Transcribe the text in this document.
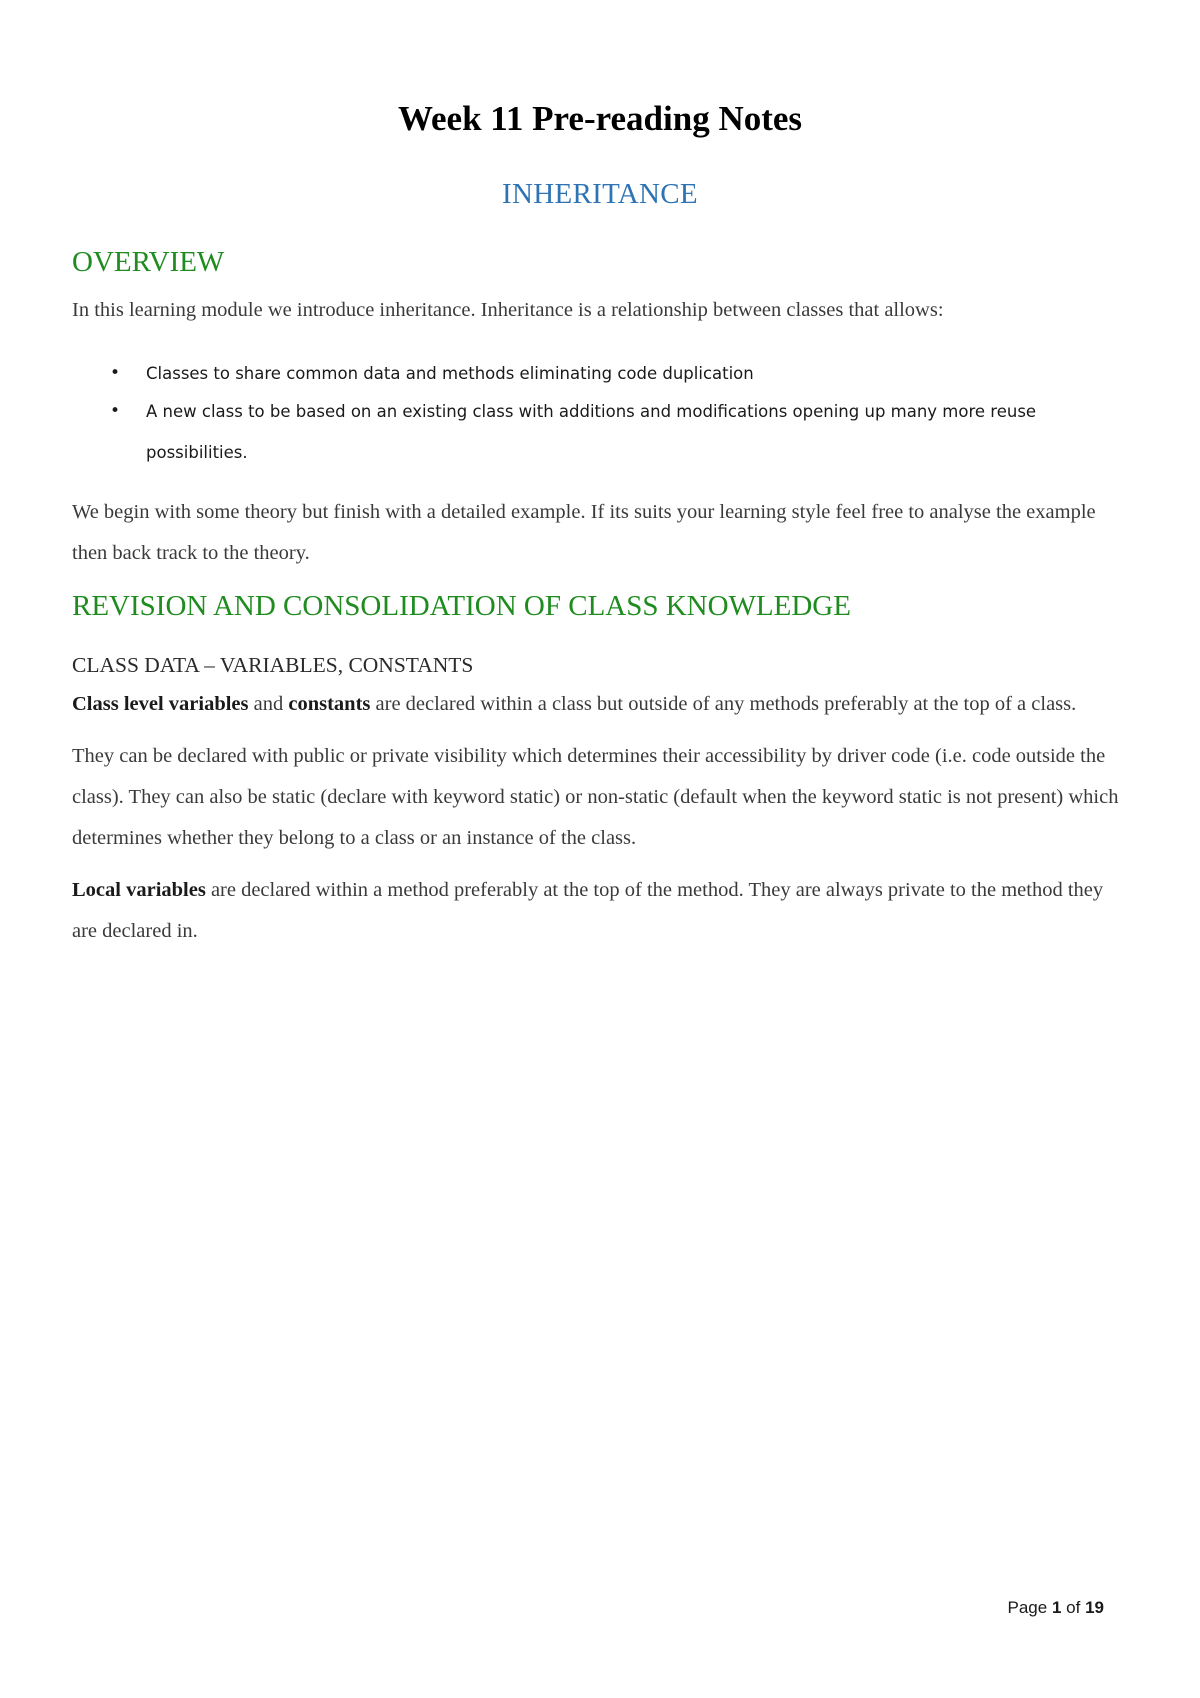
Week 11 Pre-reading Notes
INHERITANCE
OVERVIEW

In this learning module we introduce inheritance. Inheritance is a relationship between classes that allows:

• Classes to share common data and methods eliminating code duplication
• A new class to be based on an existing class with additions and modifications opening up many more reuse possibilities.

We begin with some theory but finish with a detailed example. If its suits your learning style feel free to analyse the example then back track to the theory.

REVISION AND CONSOLIDATION OF CLASS KNOWLEDGE
CLASS DATA – VARIABLES, CONSTANTS

Class level variables and constants are declared within a class but outside of any methods preferably at the top of a class.

They can be declared with public or private visibility which determines their accessibility by driver code (i.e. code outside the class). They can also be static (declare with keyword static) or non-static (default when the keyword static is not present) which determines whether they belong to a class or an instance of the class.

Local variables are declared within a method preferably at the top of the method. They are always private to the method they are declared in.

Page 1 of 19
